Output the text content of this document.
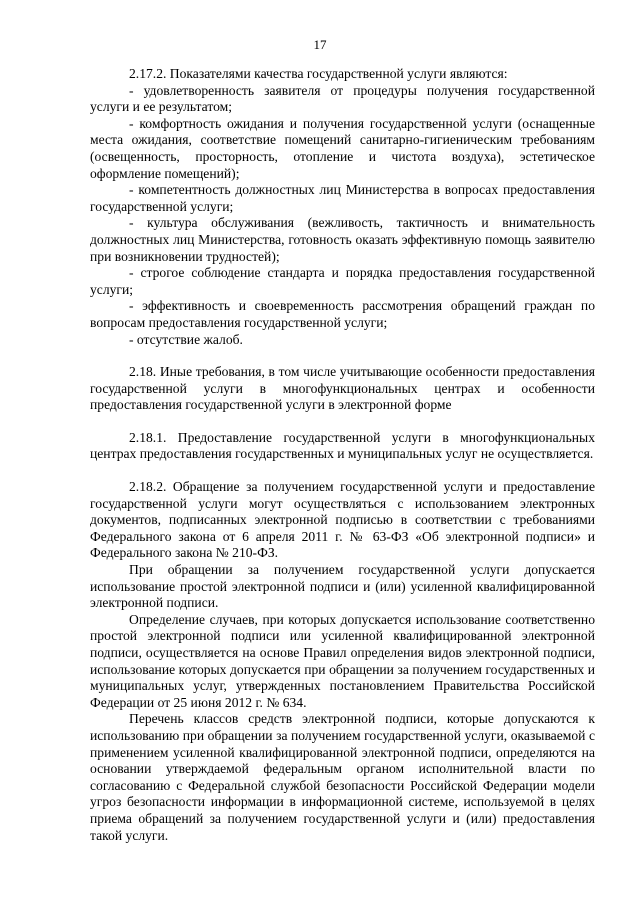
17

2.17.2. Показателями качества государственной услуги являются:

- удовлетворенность заявителя от процедуры получения государственной услуги и ее результатом;

- комфортность ожидания и получения государственной услуги (оснащенные места ожидания, соответствие помещений санитарно-гигиеническим требованиям (освещенность, просторность, отопление и чистота воздуха), эстетическое оформление помещений);

- компетентность должностных лиц Министерства в вопросах предоставления государственной услуги;

- культура обслуживания (вежливость, тактичность и внимательность должностных лиц Министерства, готовность оказать эффективную помощь заявителю при возникновении трудностей);

- строгое соблюдение стандарта и порядка предоставления государственной услуги;

- эффективность и своевременность рассмотрения обращений граждан по вопросам предоставления государственной услуги;

- отсутствие жалоб.

2.18. Иные требования, в том числе учитывающие особенности предоставления государственной услуги в многофункциональных центрах и особенности предоставления государственной услуги в электронной форме

2.18.1. Предоставление государственной услуги в многофункциональных центрах предоставления государственных и муниципальных услуг не осуществляется.

2.18.2. Обращение за получением государственной услуги и предоставление государственной услуги могут осуществляться с использованием электронных документов, подписанных электронной подписью в соответствии с требованиями Федерального закона от 6 апреля 2011 г. № 63-ФЗ «Об электронной подписи» и Федерального закона № 210-ФЗ.

При обращении за получением государственной услуги допускается использование простой электронной подписи и (или) усиленной квалифицированной электронной подписи.

Определение случаев, при которых допускается использование соответственно простой электронной подписи или усиленной квалифицированной электронной подписи, осуществляется на основе Правил определения видов электронной подписи, использование которых допускается при обращении за получением государственных и муниципальных услуг, утвержденных постановлением Правительства Российской Федерации от 25 июня 2012 г. № 634.

Перечень классов средств электронной подписи, которые допускаются к использованию при обращении за получением государственной услуги, оказываемой с применением усиленной квалифицированной электронной подписи, определяются на основании утверждаемой федеральным органом исполнительной власти по согласованию с Федеральной службой безопасности Российской Федерации модели угроз безопасности информации в информационной системе, используемой в целях приема обращений за получением государственной услуги и (или) предоставления такой услуги.
